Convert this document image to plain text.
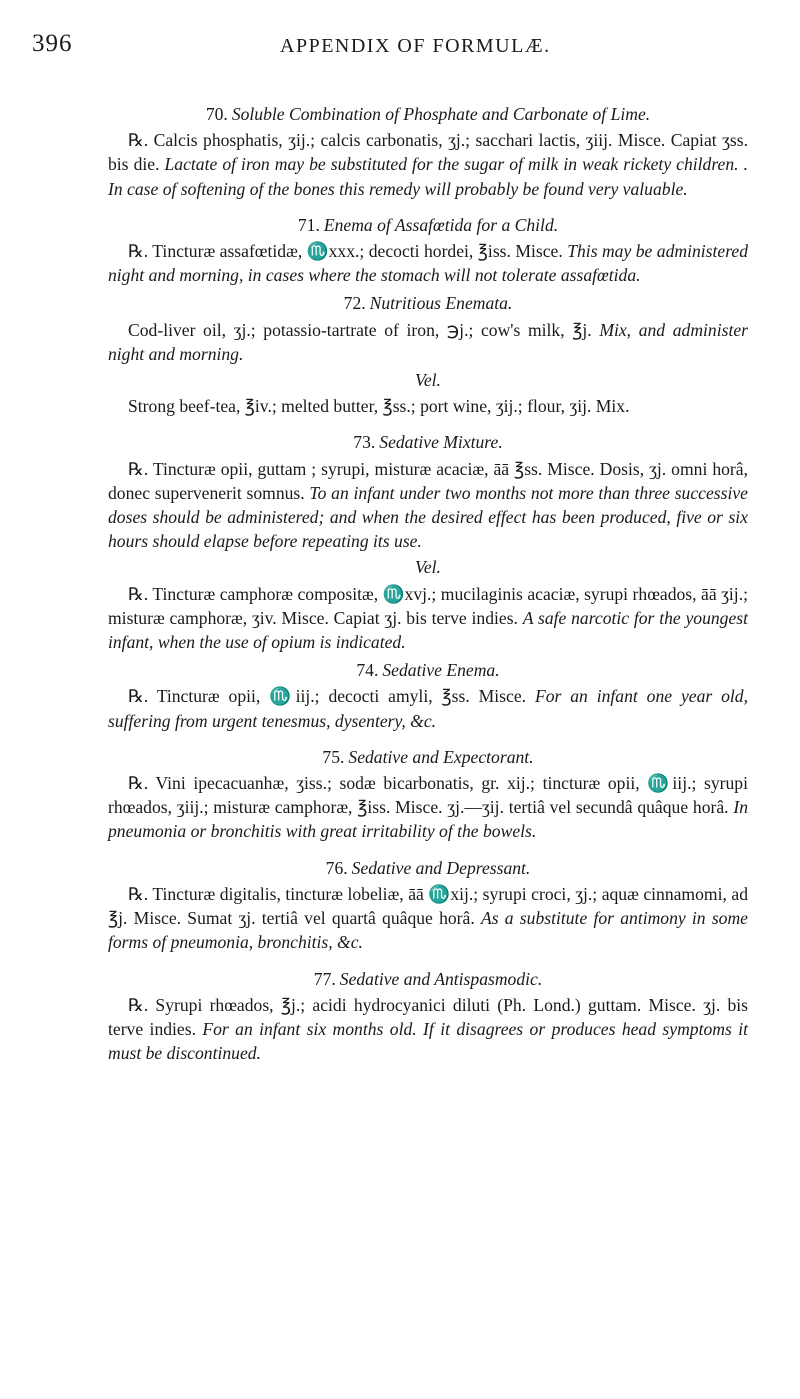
396	APPENDIX OF FORMULÆ.

70. Soluble Combination of Phosphate and Carbonate of Lime.

℞. Calcis phosphatis, ʒij.; calcis carbonatis, ʒj.; sacchari lactis, ʒiij. Misce. Capiat ʒss. bis die. Lactate of iron may be substituted for the sugar of milk in weak rickety children. . In case of softening of the bones this remedy will probably be found very valuable.

71. Enema of Assafœtida for a Child.

℞. Tincturæ assafœtidæ, ♏xxx.; decocti hordei, ℥iss. Misce. This may be administered night and morning, in cases where the stomach will not tolerate assafœtida.

72. Nutritious Enemata.

Cod-liver oil, ʒj.; potassio-tartrate of iron, ℈j.; cow's milk, ℥j. Mix, and administer night and morning.

Vel.

Strong beef-tea, ℥iv.; melted butter, ℥ss.; port wine, ʒij.; flour, ʒij. Mix.

73. Sedative Mixture.

℞. Tincturæ opii, guttam ; syrupi, misturæ acaciæ, āā ℥ss. Misce. Dosis, ʒj. omni horâ, donec supervenerit somnus. To an infant under two months not more than three successive doses should be administered; and when the desired effect has been produced, five or six hours should elapse before repeating its use.

Vel.

℞. Tincturæ camphoræ compositæ, ♏xvj.; mucilaginis acaciæ, syrupi rhœados, āā ʒij.; misturæ camphoræ, ʒiv. Misce. Capiat ʒj. bis terve indies. A safe narcotic for the youngest infant, when the use of opium is indicated.

74. Sedative Enema.

℞. Tincturæ opii, ♏iij.; decocti amyli, ℥ss. Misce. For an infant one year old, suffering from urgent tenesmus, dysentery, &c.

75. Sedative and Expectorant.

℞. Vini ipecacuanhæ, ʒiss.; sodæ bicarbonatis, gr. xij.; tincturæ opii, ♏iij.; syrupi rhœados, ʒiij.; misturæ camphoræ, ℥iss. Misce. ʒj.—ʒij. tertiâ vel secundâ quâque horâ. In pneumonia or bronchitis with great irritability of the bowels.

76. Sedative and Depressant.

℞. Tincturæ digitalis, tincturæ lobeliæ, āā ♏xij.; syrupi croci, ʒj.; aquæ cinnamomi, ad ℥j. Misce. Sumat ʒj. tertiâ vel quartâ quâque horâ. As a substitute for antimony in some forms of pneumonia, bronchitis, &c.

77. Sedative and Antispasmodic.

℞. Syrupi rhœados, ℥j.; acidi hydrocyanici diluti (Ph. Lond.) guttam. Misce. ʒj. bis terve indies. For an infant six months old. If it disagrees or produces head symptoms it must be discontinued.
